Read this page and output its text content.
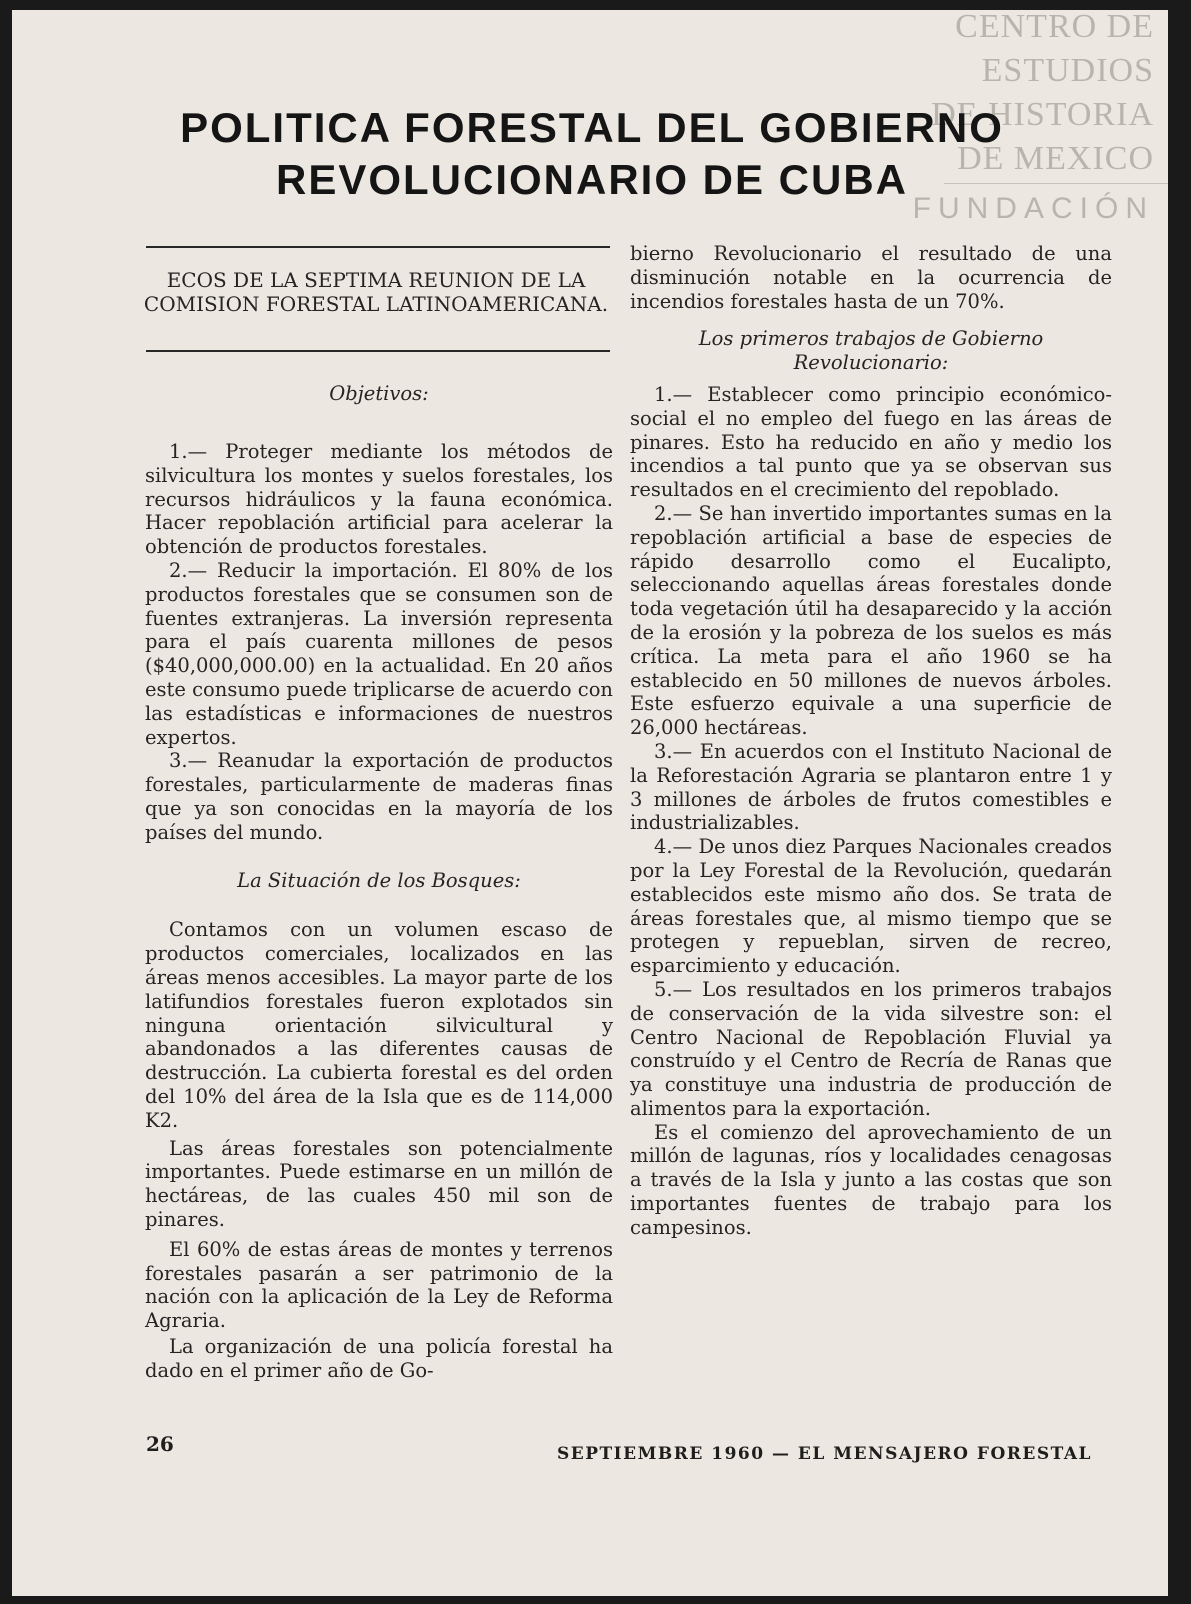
CENTRO DE
ESTUDIOS
DE HISTORIA
DE MEXICO
FUNDACIÓN
POLITICA FORESTAL DEL GOBIERNO
REVOLUCIONARIO DE CUBA
ECOS DE LA SEPTIMA REUNION DE LA COMISION FORESTAL LATINOAMERICANA.
Objetivos:

1.— Proteger mediante los métodos de silvicultura los montes y suelos forestales, los recursos hidráulicos y la fauna económica. Hacer repoblación artificial para acelerar la obtención de productos forestales.

2.— Reducir la importación. El 80% de los productos forestales que se consumen son de fuentes extranjeras. La inversión representa para el país cuarenta millones de pesos ($40,000,000.00) en la actualidad. En 20 años este consumo puede triplicarse de acuerdo con las estadísticas e informaciones de nuestros expertos.

3.— Reanudar la exportación de productos forestales, particularmente de maderas finas que ya son conocidas en la mayoría de los países del mundo.

La Situación de los Bosques:

Contamos con un volumen escaso de productos comerciales, localizados en las áreas menos accesibles. La mayor parte de los latifundios forestales fueron explotados sin ninguna orientación silvicultural y abandonados a las diferentes causas de destrucción. La cubierta forestal es del orden del 10% del área de la Isla que es de 114,000 K2.

Las áreas forestales son potencialmente importantes. Puede estimarse en un millón de hectáreas, de las cuales 450 mil son de pinares.

El 60% de estas áreas de montes y terrenos forestales pasarán a ser patrimonio de la nación con la aplicación de la Ley de Reforma Agraria.

La organización de una policía forestal ha dado en el primer año de Go-

bierno Revolucionario el resultado de una disminución notable en la ocurrencia de incendios forestales hasta de un 70%.

Los primeros trabajos de Gobierno

Revolucionario:

1.— Establecer como principio económico-social el no empleo del fuego en las áreas de pinares. Esto ha reducido en año y medio los incendios a tal punto que ya se observan sus resultados en el crecimiento del repoblado.

2.— Se han invertido importantes sumas en la repoblación artificial a base de especies de rápido desarrollo como el Eucalipto, seleccionando aquellas áreas forestales donde toda vegetación útil ha desaparecido y la acción de la erosión y la pobreza de los suelos es más crítica. La meta para el año 1960 se ha establecido en 50 millones de nuevos árboles. Este esfuerzo equivale a una superficie de 26,000 hectáreas.

3.— En acuerdos con el Instituto Nacional de la Reforestación Agraria se plantaron entre 1 y 3 millones de árboles de frutos comestibles e industrializables.

4.— De unos diez Parques Nacionales creados por la Ley Forestal de la Revolución, quedarán establecidos este mismo año dos. Se trata de áreas forestales que, al mismo tiempo que se protegen y repueblan, sirven de recreo, esparcimiento y educación.

5.— Los resultados en los primeros trabajos de conservación de la vida silvestre son: el Centro Nacional de Repoblación Fluvial ya construído y el Centro de Recría de Ranas que ya constituye una industria de producción de alimentos para la exportación.

Es el comienzo del aprovechamiento de un millón de lagunas, ríos y localidades cenagosas a través de la Isla y junto a las costas que son importantes fuentes de trabajo para los campesinos.

26	SEPTIEMBRE 1960 — EL MENSAJERO FORESTAL
